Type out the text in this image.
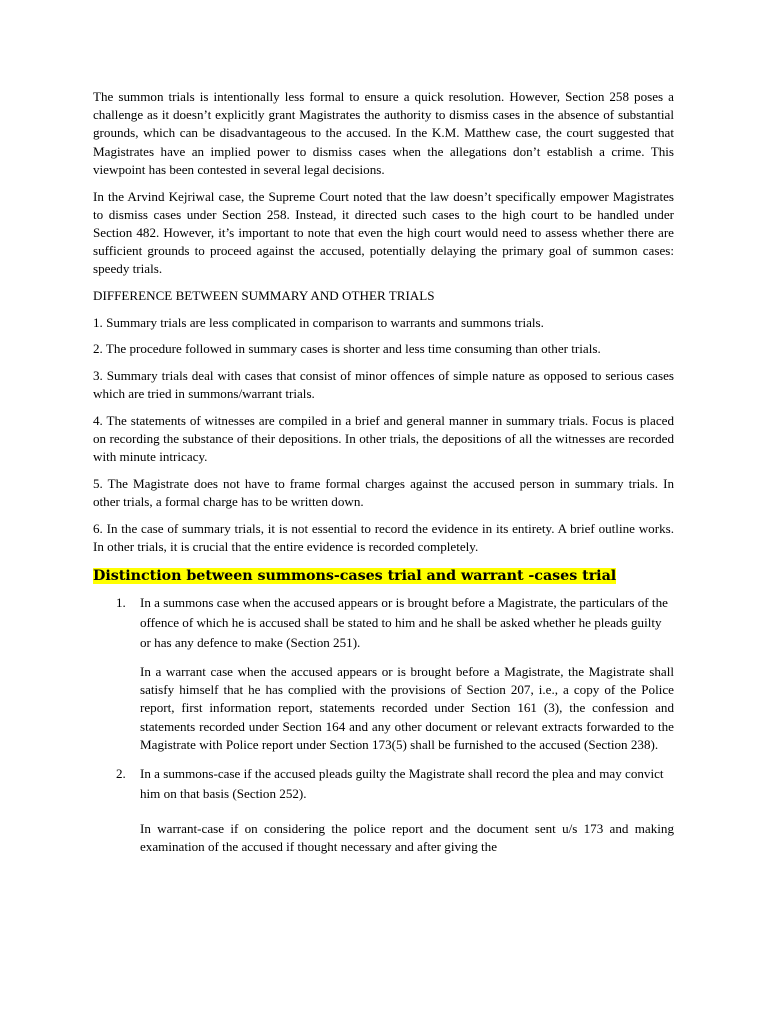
The summon trials is intentionally less formal to ensure a quick resolution. However, Section 258 poses a challenge as it doesn’t explicitly grant Magistrates the authority to dismiss cases in the absence of substantial grounds, which can be disadvantageous to the accused. In the K.M. Matthew case, the court suggested that Magistrates have an implied power to dismiss cases when the allegations don’t establish a crime. This viewpoint has been contested in several legal decisions.

In the Arvind Kejriwal case, the Supreme Court noted that the law doesn’t specifically empower Magistrates to dismiss cases under Section 258. Instead, it directed such cases to the high court to be handled under Section 482. However, it’s important to note that even the high court would need to assess whether there are sufficient grounds to proceed against the accused, potentially delaying the primary goal of summon cases: speedy trials.

DIFFERENCE BETWEEN SUMMARY AND OTHER TRIALS

1. Summary trials are less complicated in comparison to warrants and summons trials.

2. The procedure followed in summary cases is shorter and less time consuming than other trials.

3. Summary trials deal with cases that consist of minor offences of simple nature as opposed to serious cases which are tried in summons/warrant trials.

4. The statements of witnesses are compiled in a brief and general manner in summary trials. Focus is placed on recording the substance of their depositions. In other trials, the depositions of all the witnesses are recorded with minute intricacy.

5. The Magistrate does not have to frame formal charges against the accused person in summary trials. In other trials, a formal charge has to be written down.

6. In the case of summary trials, it is not essential to record the evidence in its entirety. A brief outline works. In other trials, it is crucial that the entire evidence is recorded completely.

Distinction between summons-cases trial and warrant -cases trial
1. In a summons case when the accused appears or is brought before a Magistrate, the particulars of the offence of which he is accused shall be stated to him and he shall be asked whether he pleads guilty or has any defence to make (Section 251).

In a warrant case when the accused appears or is brought before a Magistrate, the Magistrate shall satisfy himself that he has complied with the provisions of Section 207, i.e., a copy of the Police report, first information report, statements recorded under Section 161 (3), the confession and statements recorded under Section 164 and any other document or relevant extracts forwarded to the Magistrate with Police report under Section 173(5) shall be furnished to the accused (Section 238).

2. In a summons-case if the accused pleads guilty the Magistrate shall record the plea and may convict him on that basis (Section 252).

In warrant-case if on considering the police report and the document sent u/s 173 and making examination of the accused if thought necessary and after giving the
